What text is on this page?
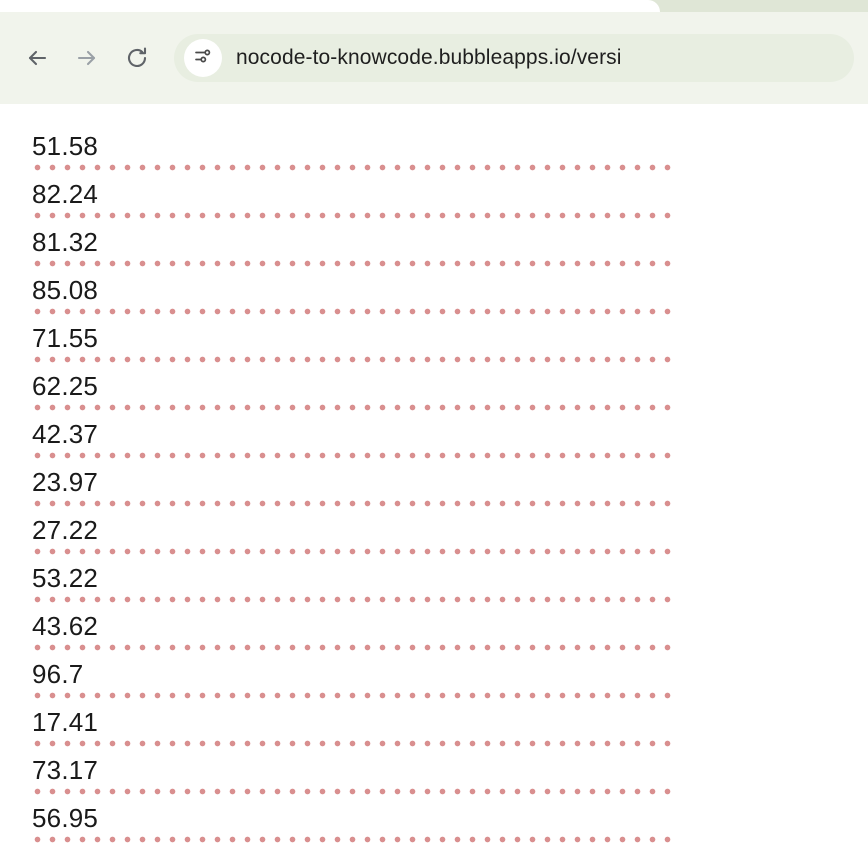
nocode-to-knowcode.bubbleapps.io/versi
51.58
82.24
81.32
85.08
71.55
62.25
42.37
23.97
27.22
53.22
43.62
96.7
17.41
73.17
56.95
